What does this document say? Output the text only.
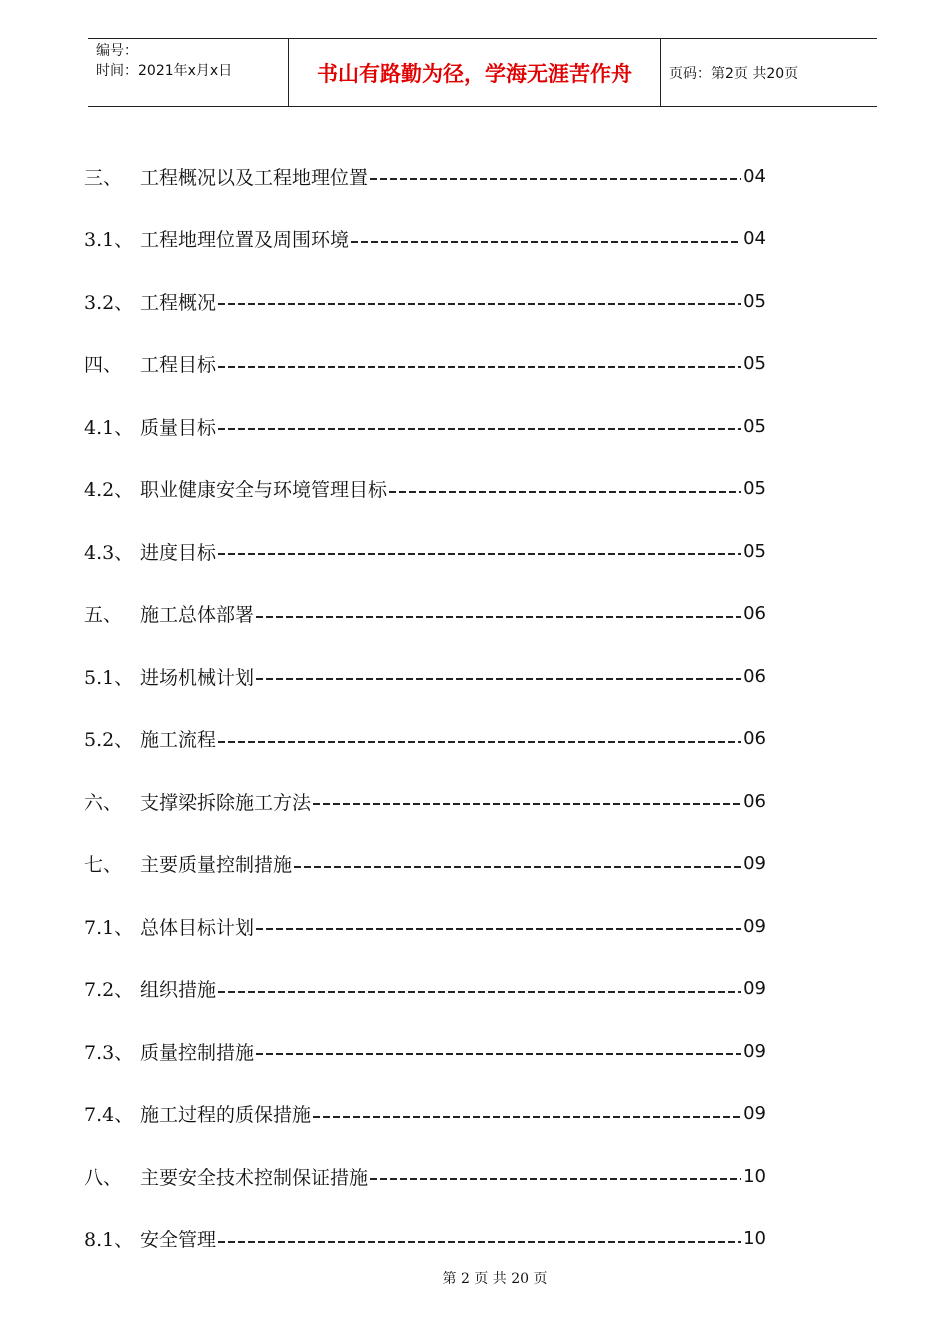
编号：
时间：2021年x月x日	书山有路勤为径，学海无涯苦作舟	页码：第2页 共20页
三、 工程概况以及工程地理位置	04
3.1、 工程地理位置及周围环境	04
3.2、 工程概况	05
四、 工程目标	05
4.1、 质量目标	05
4.2、 职业健康安全与环境管理目标	05
4.3、 进度目标	05
五、 施工总体部署	06
5.1、 进场机械计划	06
5.2、 施工流程	06
六、 支撑梁拆除施工方法	06
七、 主要质量控制措施	09
7.1、 总体目标计划	09
7.2、 组织措施	09
7.3、 质量控制措施	09
7.4、 施工过程的质保措施	09
八、 主要安全技术控制保证措施	10
8.1、 安全管理	10
第 2 页 共 20 页
